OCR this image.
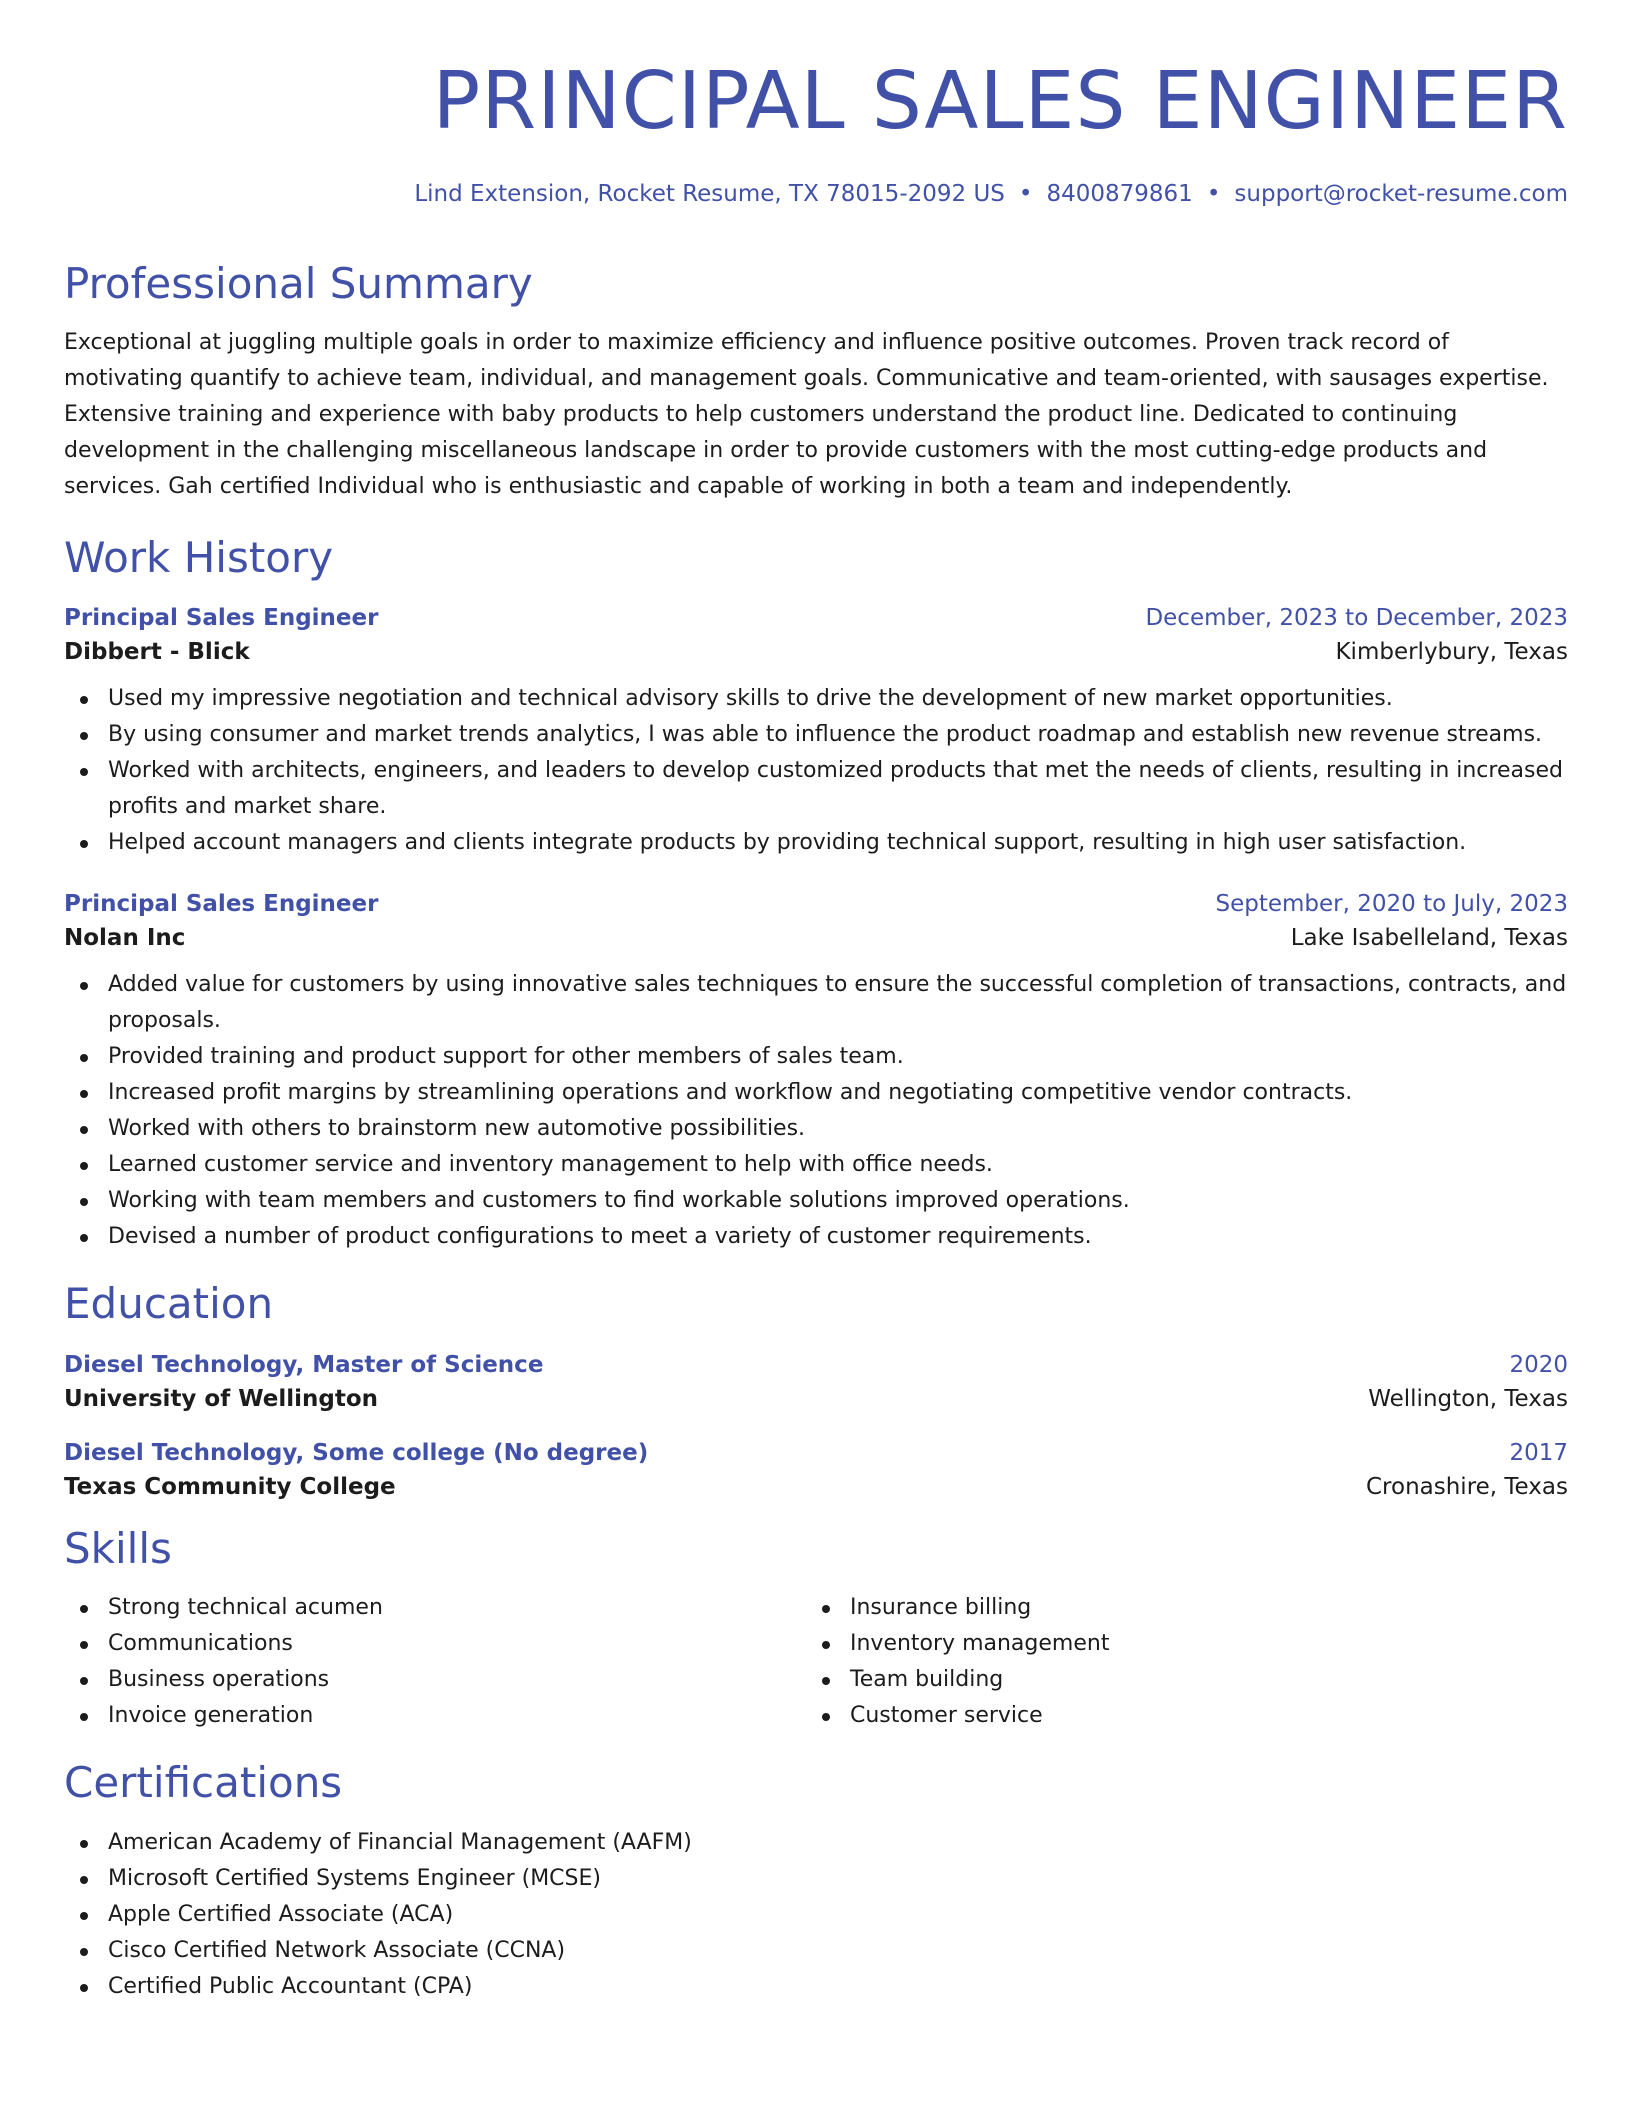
PRINCIPAL SALES ENGINEER
Lind Extension, Rocket Resume, TX 78015-2092 US • 8400879861 • support@rocket-resume.com
Professional Summary

Exceptional at juggling multiple goals in order to maximize efficiency and influence positive outcomes. Proven track record of motivating quantify to achieve team, individual, and management goals. Communicative and team-oriented, with sausages expertise. Extensive training and experience with baby products to help customers understand the product line. Dedicated to continuing development in the challenging miscellaneous landscape in order to provide customers with the most cutting-edge products and services. Gah certified Individual who is enthusiastic and capable of working in both a team and independently.

Work History
Principal Sales Engineer	December, 2023 to December, 2023
Dibbert - Blick	Kimberlybury, Texas
Used my impressive negotiation and technical advisory skills to drive the development of new market opportunities.
By using consumer and market trends analytics, I was able to influence the product roadmap and establish new revenue streams.
Worked with architects, engineers, and leaders to develop customized products that met the needs of clients, resulting in increased profits and market share.
Helped account managers and clients integrate products by providing technical support, resulting in high user satisfaction.
Principal Sales Engineer	September, 2020 to July, 2023
Nolan Inc	Lake Isabelleland, Texas
Added value for customers by using innovative sales techniques to ensure the successful completion of transactions, contracts, and proposals.
Provided training and product support for other members of sales team.
Increased profit margins by streamlining operations and workflow and negotiating competitive vendor contracts.
Worked with others to brainstorm new automotive possibilities.
Learned customer service and inventory management to help with office needs.
Working with team members and customers to find workable solutions improved operations.
Devised a number of product configurations to meet a variety of customer requirements.
Education
Diesel Technology, Master of Science	2020
University of Wellington	Wellington, Texas
Diesel Technology, Some college (No degree)	2017
Texas Community College	Cronashire, Texas
Skills
Strong technical acumen
Communications
Business operations
Invoice generation
Insurance billing
Inventory management
Team building
Customer service
Certifications
American Academy of Financial Management (AAFM)
Microsoft Certified Systems Engineer (MCSE)
Apple Certified Associate (ACA)
Cisco Certified Network Associate (CCNA)
Certified Public Accountant (CPA)
